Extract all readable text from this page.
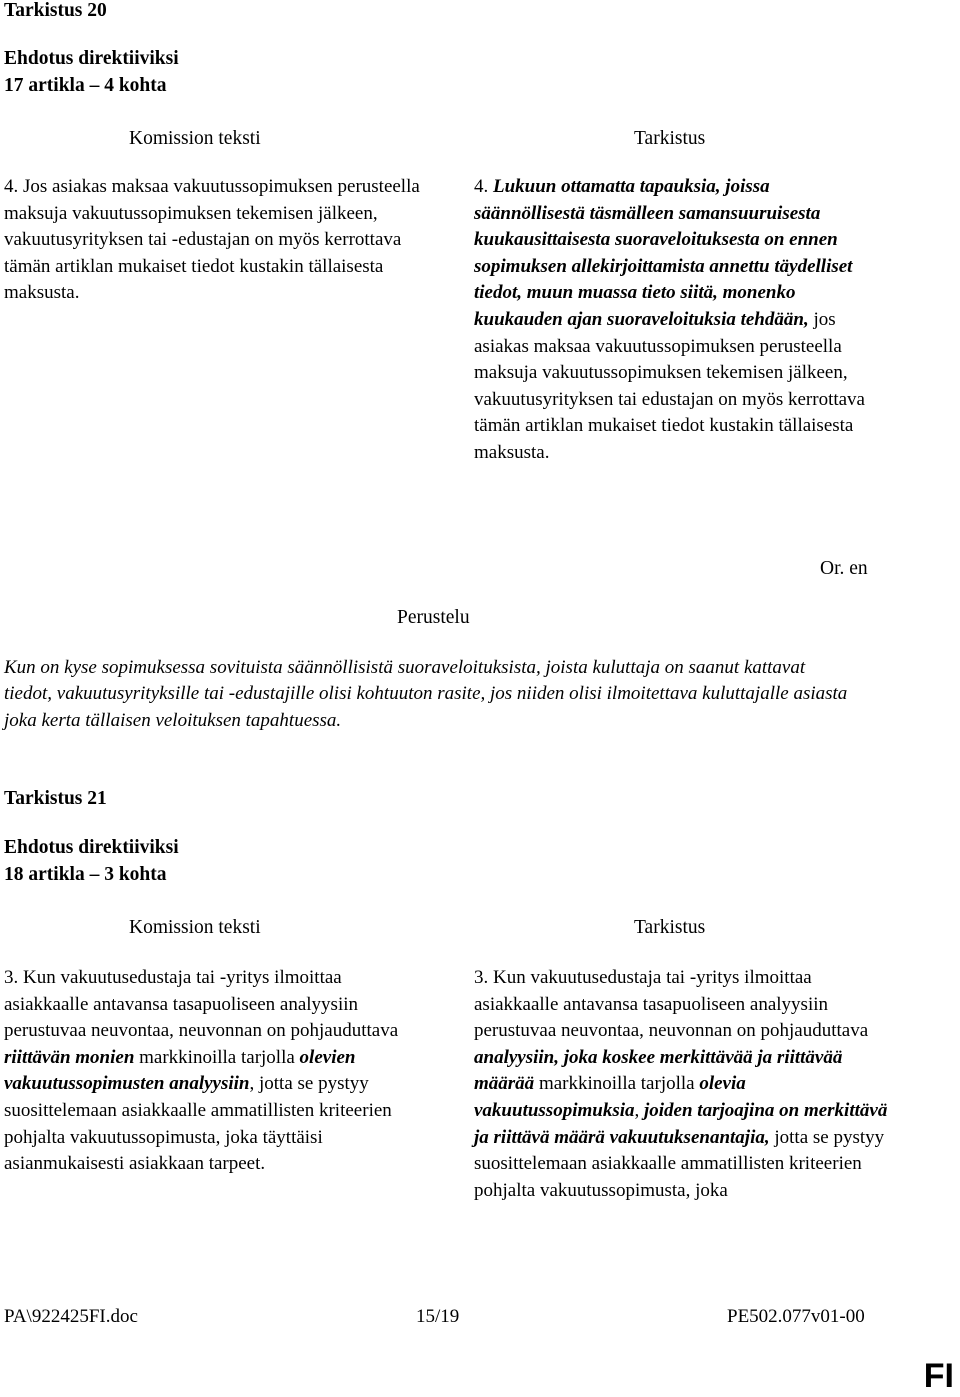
Tarkistus 20
Ehdotus direktiiviksi
17 artikla – 4 kohta
Komission teksti	Tarkistus
4. Jos asiakas maksaa vakuutussopimuksen perusteella maksuja vakuutussopimuksen tekemisen jälkeen, vakuutusyrityksen tai -edustajan on myös kerrottava tämän artiklan mukaiset tiedot kustakin tällaisesta maksusta.
4. Lukuun ottamatta tapauksia, joissa säännöllisestä täsmälleen samansuuruisesta kuukausittaisesta suoraveloituksesta on ennen sopimuksen allekirjoittamista annettu täydelliset tiedot, muun muassa tieto siitä, monenko kuukauden ajan suoraveloituksia tehdään, jos asiakas maksaa vakuutussopimuksen perusteella maksuja vakuutussopimuksen tekemisen jälkeen, vakuutusyrityksen tai edustajan on myös kerrottava tämän artiklan mukaiset tiedot kustakin tällaisesta maksusta.
Or. en
Perustelu
Kun on kyse sopimuksessa sovituista säännöllisistä suoraveloituksista, joista kuluttaja on saanut kattavat tiedot, vakuutusyrityksille tai -edustajille olisi kohtuuton rasite, jos niiden olisi ilmoitettava kuluttajalle asiasta joka kerta tällaisen veloituksen tapahtuessa.
Tarkistus 21
Ehdotus direktiiviksi
18 artikla – 3 kohta
Komission teksti	Tarkistus
3. Kun vakuutusedustaja tai -yritys ilmoittaa asiakkaalle antavansa tasapuoliseen analyysiin perustuvaa neuvontaa, neuvonnan on pohjauduttava riittävän monien markkinoilla tarjolla olevien vakuutussopimusten analyysiin, jotta se pystyy suosittelemaan asiakkaalle ammatillisten kriteerien pohjalta vakuutussopimusta, joka täyttäisi asianmukaisesti asiakkaan tarpeet.
3. Kun vakuutusedustaja tai -yritys ilmoittaa asiakkaalle antavansa tasapuoliseen analyysiin perustuvaa neuvontaa, neuvonnan on pohjauduttava analyysiin, joka koskee merkittävää ja riittävää määrää markkinoilla tarjolla olevia vakuutussopimuksia, joiden tarjoajina on merkittävä ja riittävä määrä vakuutuksenantajia, jotta se pystyy suosittelemaan asiakkaalle ammatillisten kriteerien pohjalta vakuutussopimusta, joka
PA\922425FI.doc	15/19	PE502.077v01-00
FI
